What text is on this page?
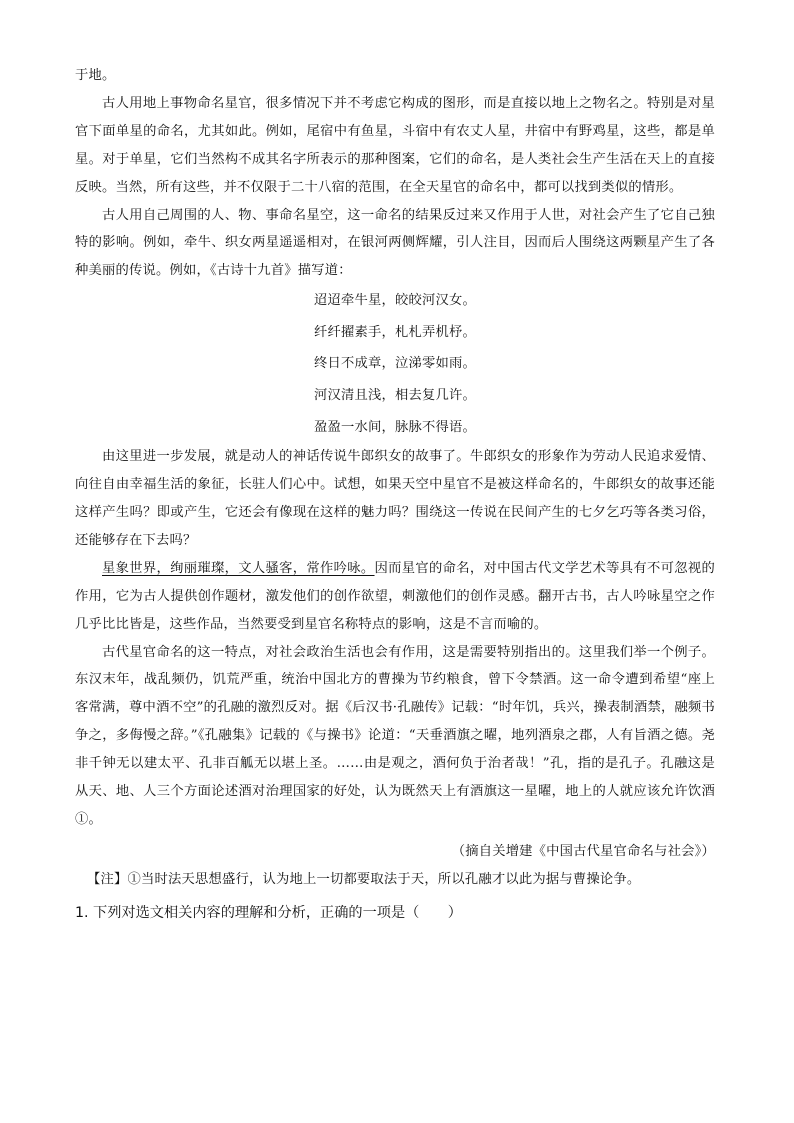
于地。

古人用地上事物命名星官，很多情况下并不考虑它构成的图形，而是直接以地上之物名之。特别是对星官下面单星的命名，尤其如此。例如，尾宿中有鱼星，斗宿中有农丈人星，井宿中有野鸡星，这些，都是单星。对于单星，它们当然构不成其名字所表示的那种图案，它们的命名，是人类社会生产生活在天上的直接反映。当然，所有这些，并不仅限于二十八宿的范围，在全天星官的命名中，都可以找到类似的情形。

古人用自己周围的人、物、事命名星空，这一命名的结果反过来又作用于人世，对社会产生了它自己独特的影响。例如，牵牛、织女两星遥遥相对，在银河两侧辉耀，引人注目，因而后人围绕这两颗星产生了各种美丽的传说。例如，《古诗十九首》描写道：

迢迢牵牛星，皎皎河汉女。
纤纤擢素手，札札弄机杼。
终日不成章，泣涕零如雨。
河汉清且浅，相去复几许。
盈盈一水间，脉脉不得语。

由这里进一步发展，就是动人的神话传说牛郎织女的故事了。牛郎织女的形象作为劳动人民追求爱情、向往自由幸福生活的象征，长驻人们心中。试想，如果天空中星官不是被这样命名的，牛郎织女的故事还能这样产生吗？即或产生，它还会有像现在这样的魅力吗？围绕这一传说在民间产生的七夕乞巧等各类习俗，还能够存在下去吗？

星象世界，绚丽璀璨，文人骚客，常作吟咏。因而星官的命名，对中国古代文学艺术等具有不可忽视的作用，它为古人提供创作题材，激发他们的创作欲望，刺激他们的创作灵感。翻开古书，古人吟咏星空之作几乎比比皆是，这些作品，当然要受到星官名称特点的影响，这是不言而喻的。

古代星官命名的这一特点，对社会政治生活也会有作用，这是需要特别指出的。这里我们举一个例子。东汉末年，战乱频仍，饥荒严重，统治中国北方的曹操为节约粮食，曾下令禁酒。这一命令遭到希望“座上客常满，尊中酒不空”的孔融的激烈反对。据《后汉书·孔融传》记载：“时年饥，兵兴，操表制酒禁，融频书争之，多侮慢之辞。”《孔融集》记载的《与操书》论道：“天垂酒旗之曜，地列酒泉之郡，人有旨酒之德。尧非千钟无以建太平、孔非百觚无以堪上圣。……由是观之，酒何负于治者哉！”孔，指的是孔子。孔融这是从天、地、人三个方面论述酒对治理国家的好处，认为既然天上有酒旗这一星曜，地上的人就应该允许饮酒①。

（摘自关增建《中国古代星官命名与社会》）

【注】①当时法天思想盛行，认为地上一切都要取法于天，所以孔融才以此为据与曹操论争。

1. 下列对选文相关内容的理解和分析，正确的一项是（　　）
